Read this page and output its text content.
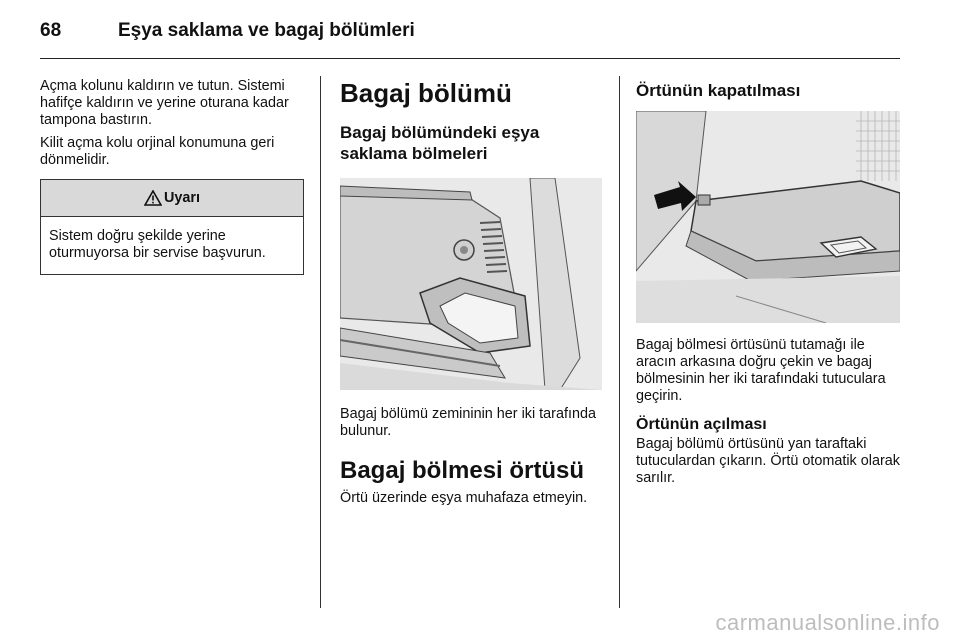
68	Eşya saklama ve bagaj bölümleri

Açma kolunu kaldırın ve tutun. Sistemi hafifçe kaldırın ve yerine oturana kadar tampona bastırın.

Kilit açma kolu orjinal konumuna geri dönmelidir.

Uyarı
Sistem doğru şekilde yerine oturmuyorsa bir servise başvurun.
Bagaj bölümü
Bagaj bölümündeki eşya saklama bölmeleri

Bagaj bölümü zemininin her iki tarafında bulunur.

Bagaj bölmesi örtüsü

Örtü üzerinde eşya muhafaza etmeyin.

Örtünün kapatılması

Bagaj bölmesi örtüsünü tutamağı ile aracın arkasına doğru çekin ve bagaj bölmesinin her iki tarafındaki tutuculara geçirin.

Örtünün açılması

Bagaj bölümü örtüsünü yan taraftaki tutuculardan çıkarın. Örtü otomatik olarak sarılır.

carmanualsonline.info
